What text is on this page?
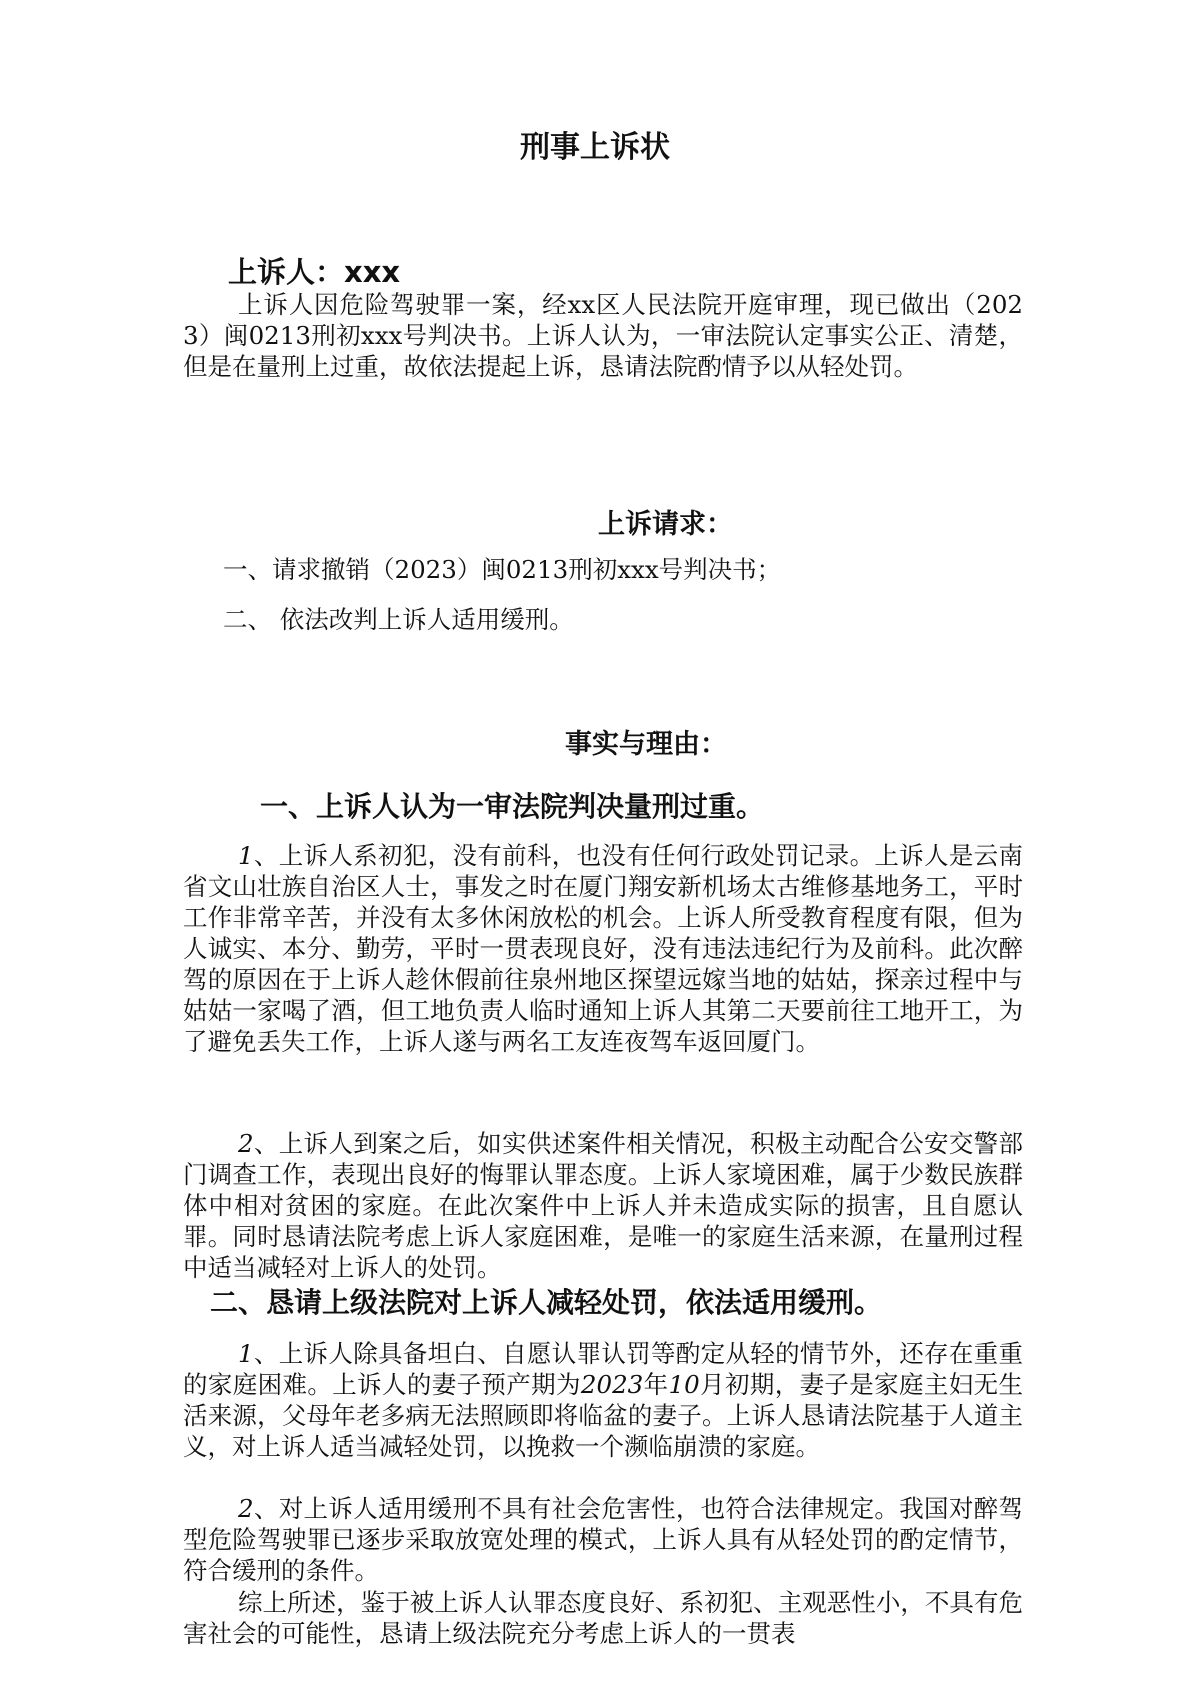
刑事上诉状
上诉人：xxx

上诉人因危险驾驶罪一案，经xx区人民法院开庭审理，现已做出（2023）闽0213刑初xxx号判决书。上诉人认为，一审法院认定事实公正、清楚，但是在量刑上过重，故依法提起上诉，恳请法院酌情予以从轻处罚。

上诉请求：
一、请求撤销（2023）闽0213刑初xxx号判决书；
二、 依法改判上诉人适用缓刑。
事实与理由：
一、上诉人认为一审法院判决量刑过重。

1、上诉人系初犯，没有前科，也没有任何行政处罚记录。上诉人是云南省文山壮族自治区人士，事发之时在厦门翔安新机场太古维修基地务工，平时工作非常辛苦，并没有太多休闲放松的机会。上诉人所受教育程度有限，但为人诚实、本分、勤劳，平时一贯表现良好，没有违法违纪行为及前科。此次醉驾的原因在于上诉人趁休假前往泉州地区探望远嫁当地的姑姑，探亲过程中与姑姑一家喝了酒，但工地负责人临时通知上诉人其第二天要前往工地开工，为了避免丢失工作，上诉人遂与两名工友连夜驾车返回厦门。

2、上诉人到案之后，如实供述案件相关情况，积极主动配合公安交警部门调查工作，表现出良好的悔罪认罪态度。上诉人家境困难，属于少数民族群体中相对贫困的家庭。在此次案件中上诉人并未造成实际的损害，且自愿认罪。同时恳请法院考虑上诉人家庭困难，是唯一的家庭生活来源，在量刑过程中适当减轻对上诉人的处罚。

二、恳请上级法院对上诉人减轻处罚，依法适用缓刑。

1、上诉人除具备坦白、自愿认罪认罚等酌定从轻的情节外，还存在重重的家庭困难。上诉人的妻子预产期为2023年10月初期，妻子是家庭主妇无生活来源，父母年老多病无法照顾即将临盆的妻子。上诉人恳请法院基于人道主义，对上诉人适当减轻处罚，以挽救一个濒临崩溃的家庭。

2、对上诉人适用缓刑不具有社会危害性，也符合法律规定。我国对醉驾型危险驾驶罪已逐步采取放宽处理的模式，上诉人具有从轻处罚的酌定情节，符合缓刑的条件。

综上所述，鉴于被上诉人认罪态度良好、系初犯、主观恶性小，不具有危害社会的可能性，恳请上级法院充分考虑上诉人的一贯表
